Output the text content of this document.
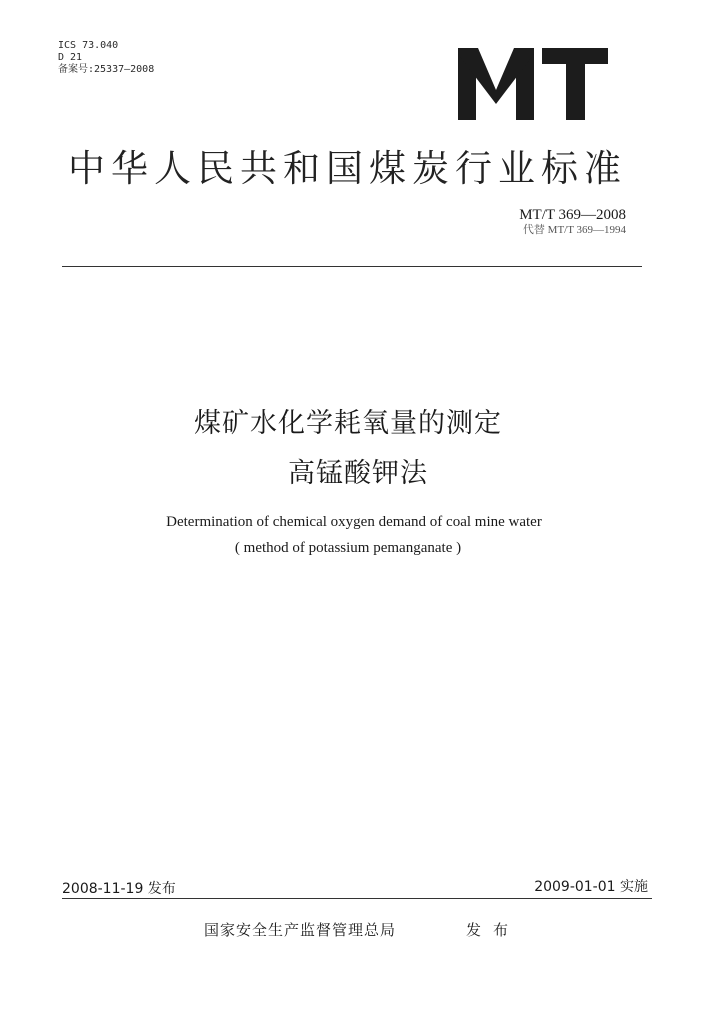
ICS 73.040
D 21
备案号:25337—2008
中华人民共和国煤炭行业标准
MT/T 369—2008
代替 MT/T 369—1994
煤矿水化学耗氧量的测定
高锰酸钾法
Determination of chemical oxygen demand of coal mine water
( method of potassium pemanganate )
2008-11-19 发布	2009-01-01 实施
国家安全生产监督管理总局	发布
